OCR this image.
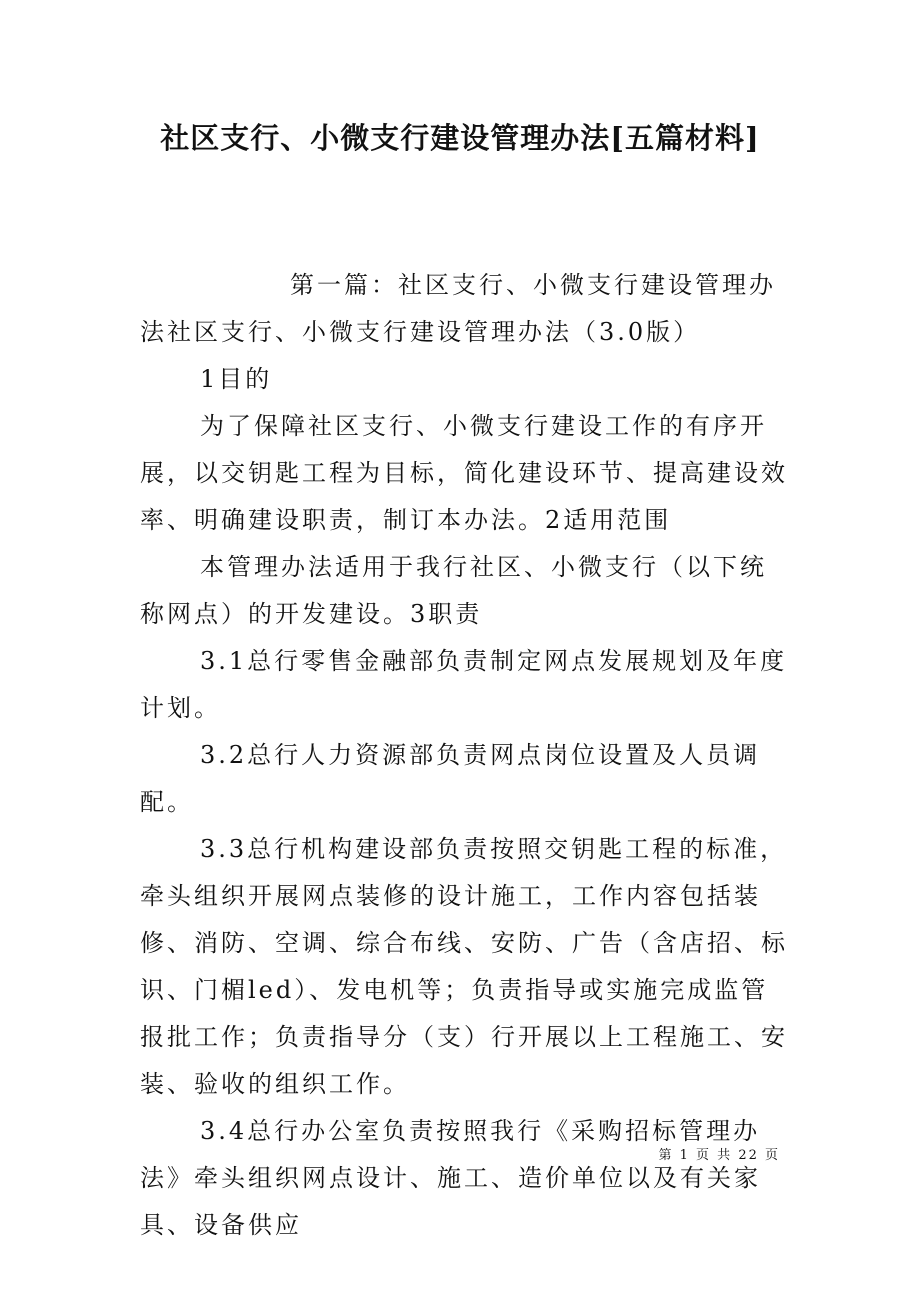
社区支行、小微支行建设管理办法[五篇材料]

第一篇：社区支行、小微支行建设管理办法社区支行、小微支行建设管理办法（3.0版）

1目的

为了保障社区支行、小微支行建设工作的有序开展，以交钥匙工程为目标，简化建设环节、提高建设效率、明确建设职责，制订本办法。2适用范围

本管理办法适用于我行社区、小微支行（以下统称网点）的开发建设。3职责

3.1总行零售金融部负责制定网点发展规划及年度计划。

3.2总行人力资源部负责网点岗位设置及人员调配。

3.3总行机构建设部负责按照交钥匙工程的标准，牵头组织开展网点装修的设计施工，工作内容包括装修、消防、空调、综合布线、安防、广告（含店招、标识、门楣led）、发电机等；负责指导或实施完成监管报批工作；负责指导分（支）行开展以上工程施工、安装、验收的组织工作。

3.4总行办公室负责按照我行《采购招标管理办法》牵头组织网点设计、施工、造价单位以及有关家具、设备供应

第 1 页 共 22 页
